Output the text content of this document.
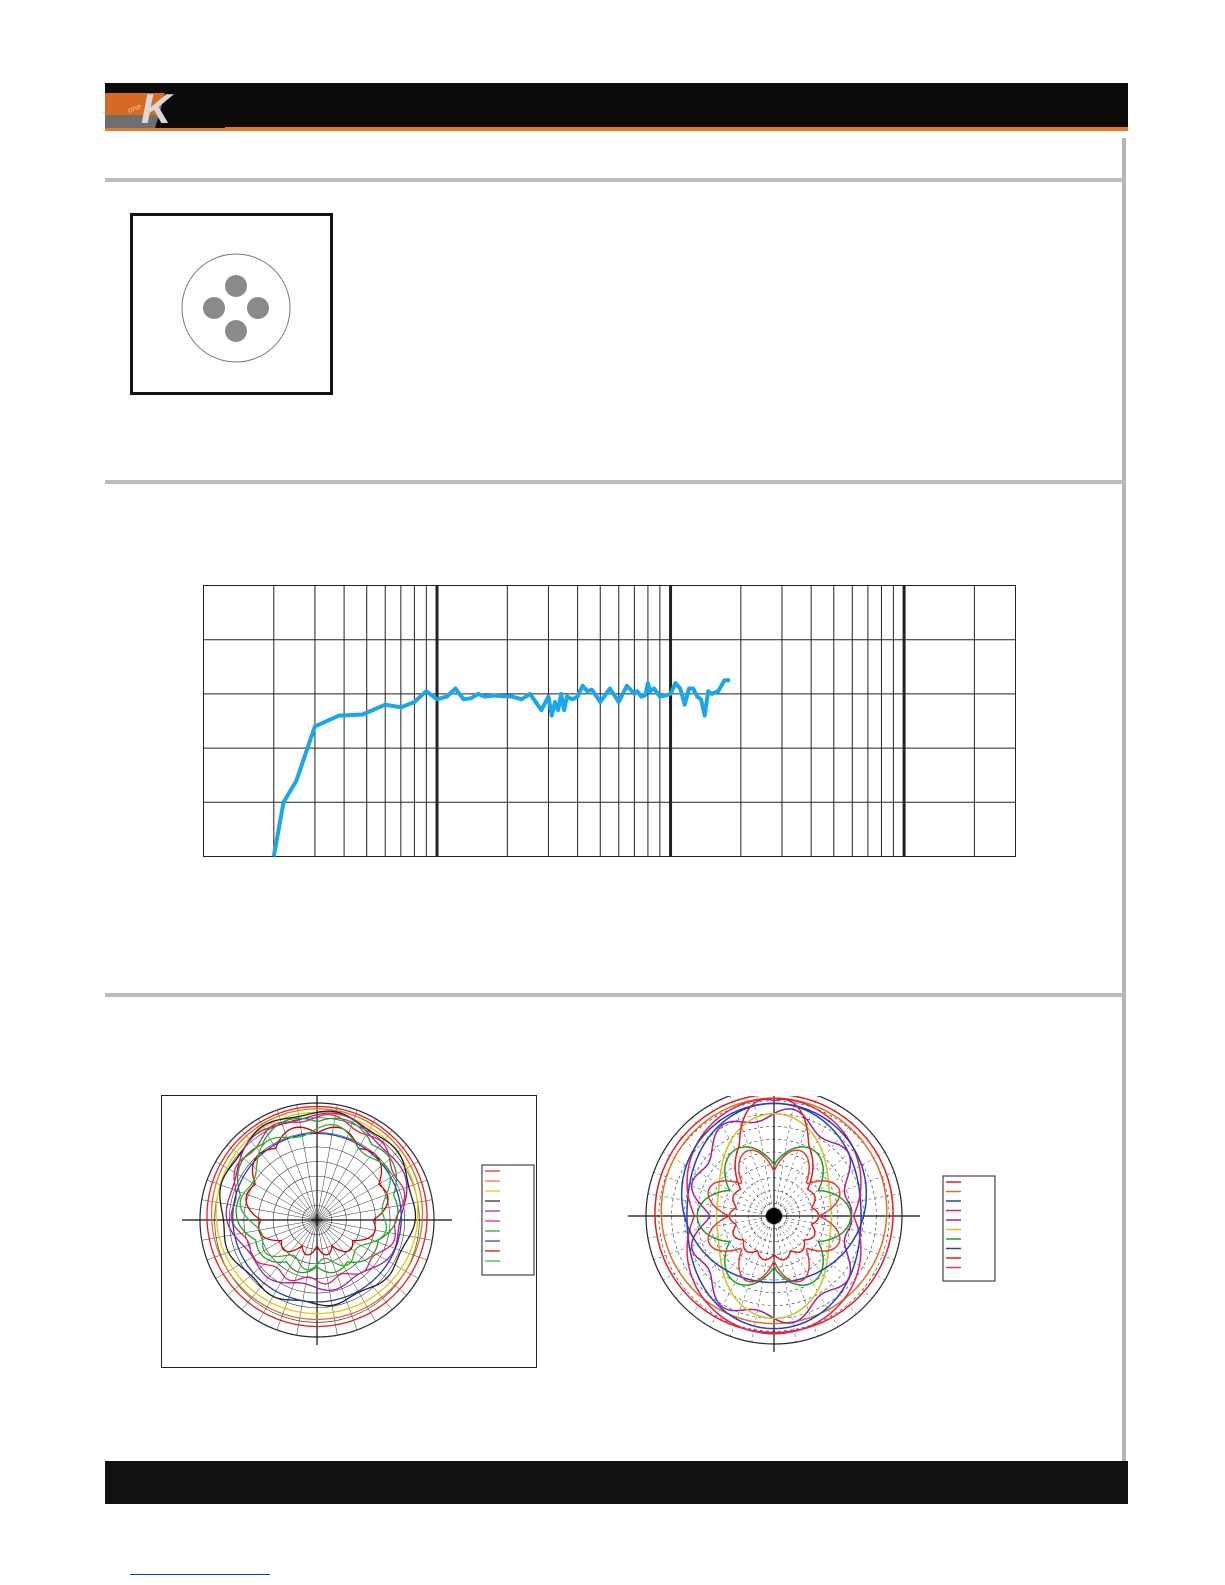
K
one
